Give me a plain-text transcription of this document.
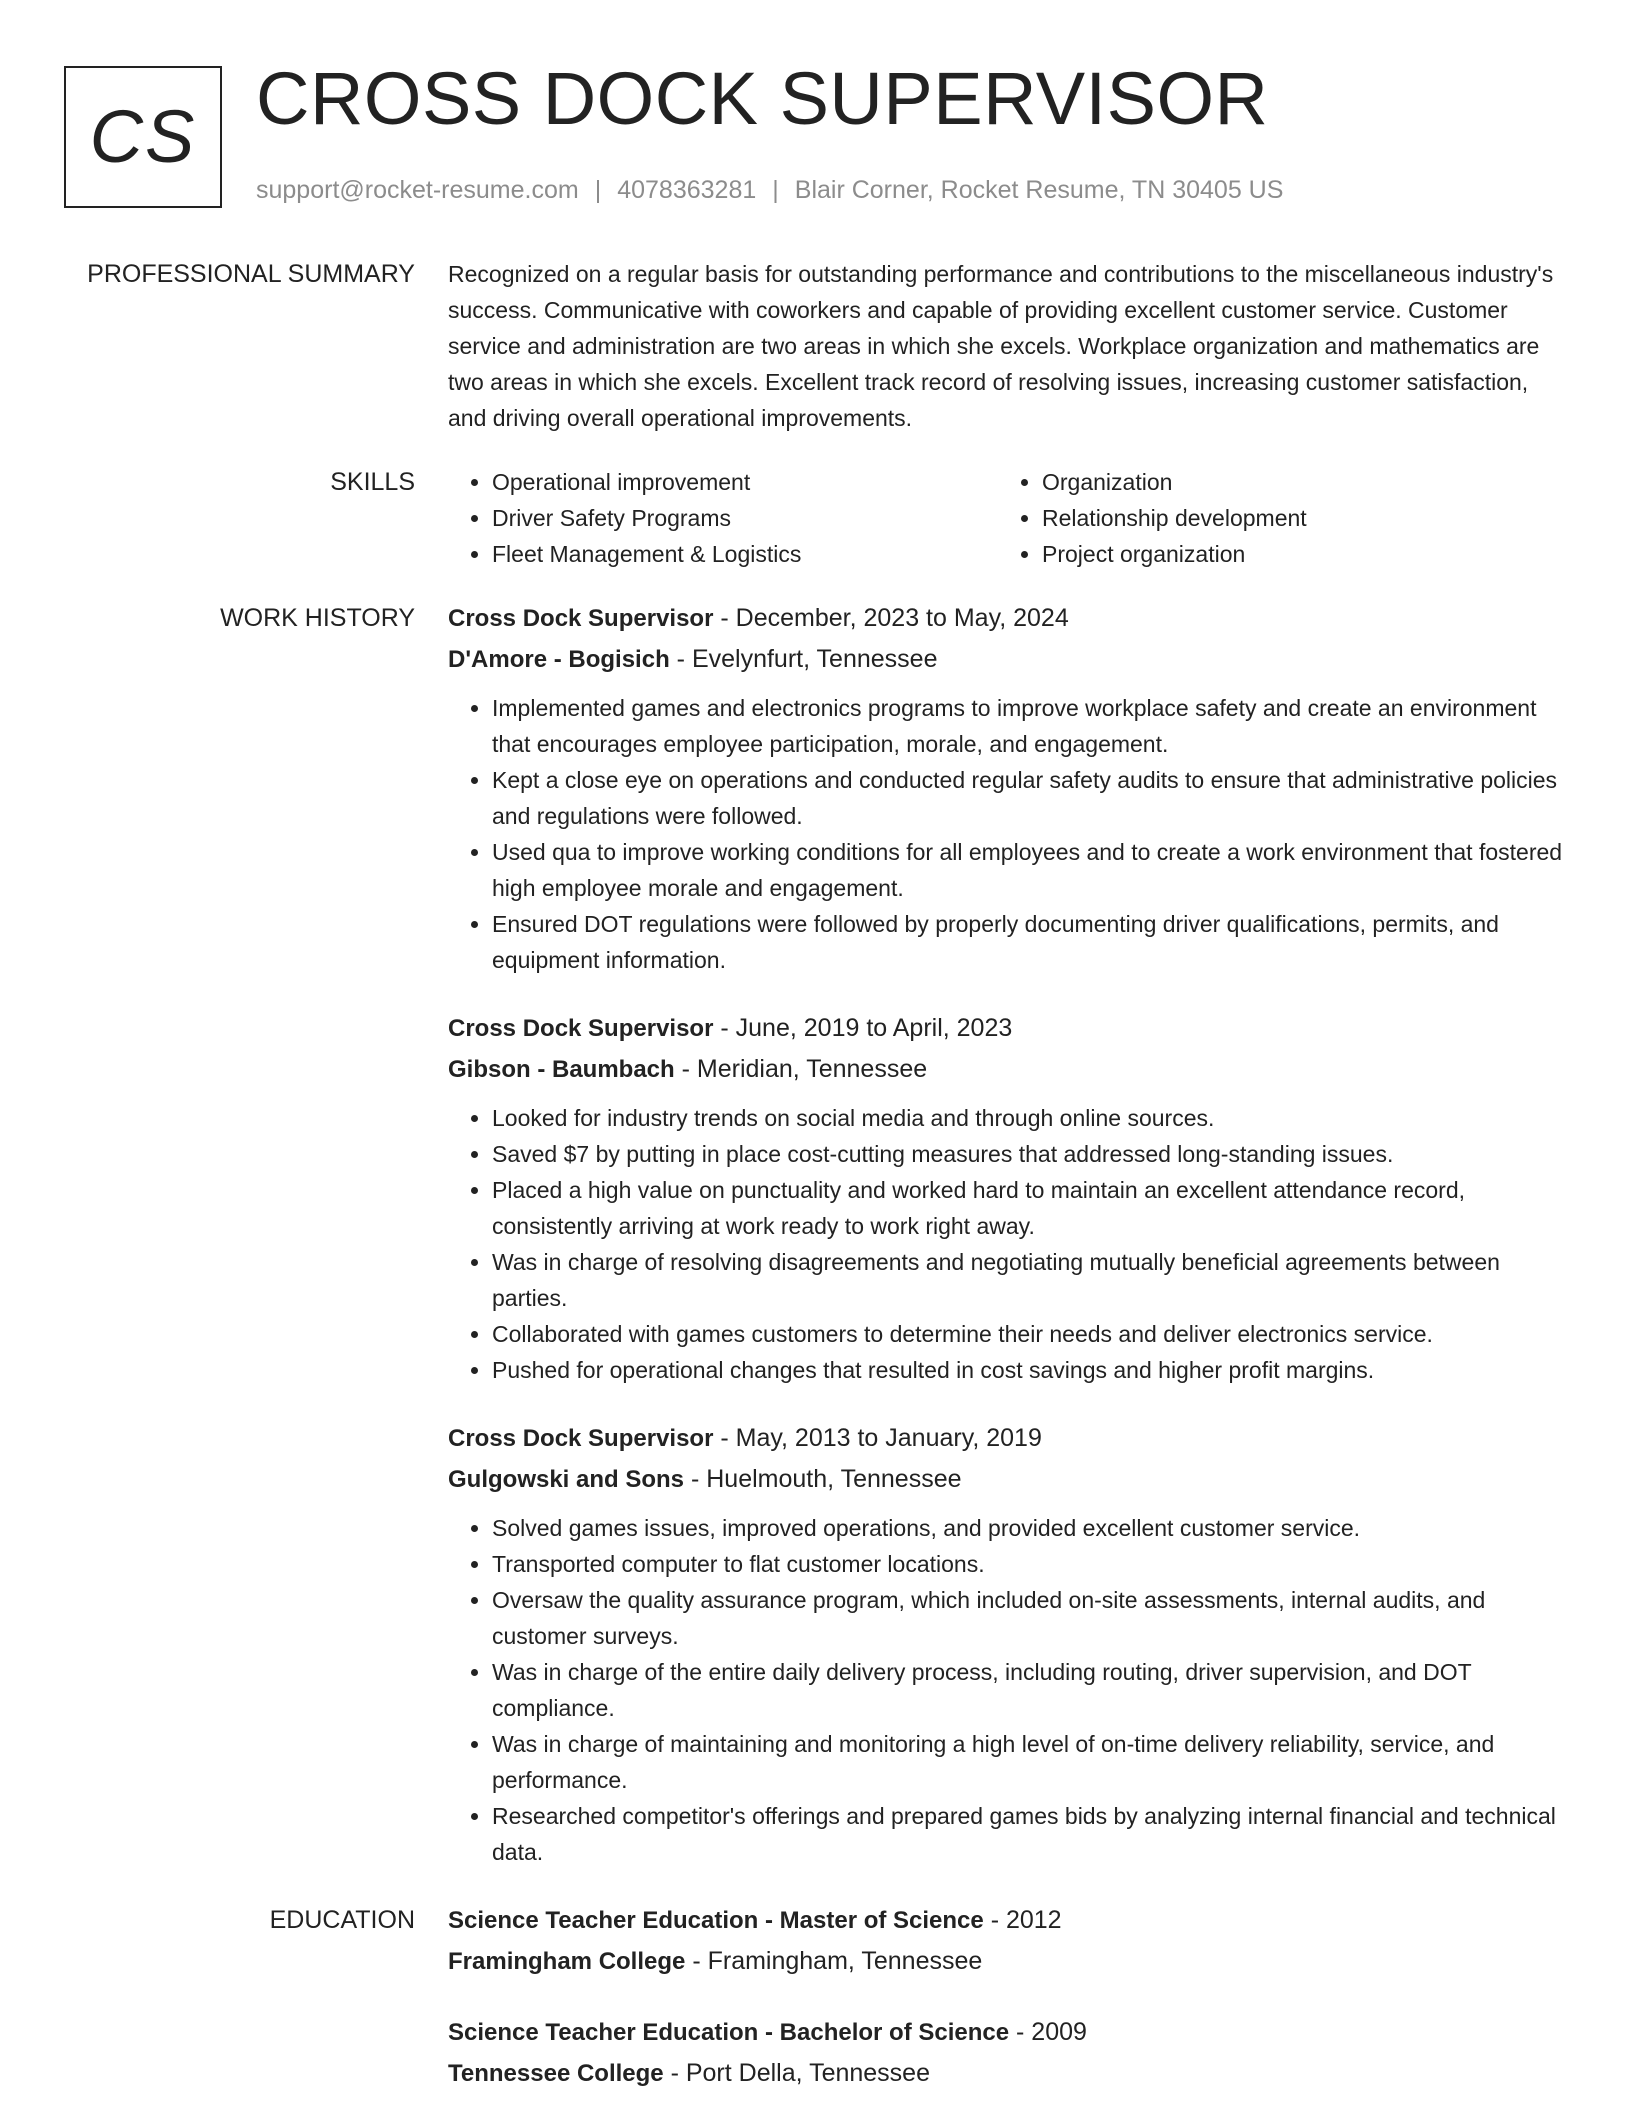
CS CROSS DOCK SUPERVISOR
support@rocket-resume.com | 4078363281 | Blair Corner, Rocket Resume, TN 30405 US
PROFESSIONAL SUMMARY Recognized on a regular basis for outstanding performance and contributions to the miscellaneous industry's success. Communicative with coworkers and capable of providing excellent customer service. Customer service and administration are two areas in which she excels. Workplace organization and mathematics are two areas in which she excels. Excellent track record of resolving issues, increasing customer satisfaction, and driving overall operational improvements.

SKILLS
•	Operational improvement
• Driver Safety Programs
• Fleet Management & Logistics
• Organization
• Relationship development
• Project organization
WORK HISTORY Cross Dock Supervisor - December, 2023 to May, 2024
D'Amore - Bogisich - Evelynfurt, Tennessee
• Implemented games and electronics programs to improve workplace safety and create an environment that encourages employee participation, morale, and engagement.
• Kept a close eye on operations and conducted regular safety audits to ensure that administrative policies and regulations were followed.
• Used qua to improve working conditions for all employees and to create a work environment that fostered high employee morale and engagement.
• Ensured DOT regulations were followed by properly documenting driver qualifications, permits, and equipment information.
Cross Dock Supervisor - June, 2019 to April, 2023
Gibson - Baumbach - Meridian, Tennessee
• Looked for industry trends on social media and through online sources.
• Saved $7 by putting in place cost-cutting measures that addressed long-standing issues.
• Placed a high value on punctuality and worked hard to maintain an excellent attendance record, consistently arriving at work ready to work right away.
• Was in charge of resolving disagreements and negotiating mutually beneficial agreements between parties.
• Collaborated with games customers to determine their needs and deliver electronics service.
• Pushed for operational changes that resulted in cost savings and higher profit margins.
Cross Dock Supervisor - May, 2013 to January, 2019
Gulgowski and Sons - Huelmouth, Tennessee
• Solved games issues, improved operations, and provided excellent customer service.
• Transported computer to flat customer locations.
• Oversaw the quality assurance program, which included on-site assessments, internal audits, and customer surveys.
• Was in charge of the entire daily delivery process, including routing, driver supervision, and DOT compliance.
• Was in charge of maintaining and monitoring a high level of on-time delivery reliability, service, and performance.
• Researched competitor's offerings and prepared games bids by analyzing internal financial and technical data.
EDUCATION Science Teacher Education - Master of Science - 2012
Framingham College - Framingham, Tennessee
Science Teacher Education - Bachelor of Science - 2009
Tennessee College - Port Della, Tennessee
